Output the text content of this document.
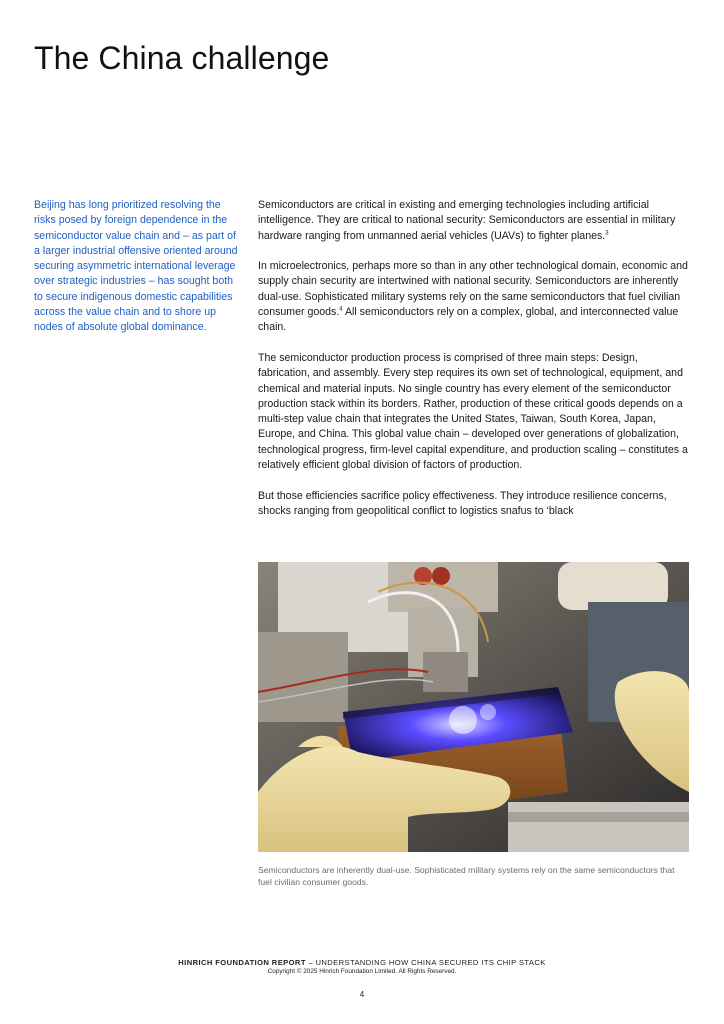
The China challenge
Beijing has long prioritized resolving the risks posed by foreign dependence in the semiconductor value chain and – as part of a larger industrial offensive oriented around securing asymmetric international leverage over strategic industries – has sought both to secure indigenous domestic capabilities across the value chain and to shore up nodes of absolute global dominance.

Semiconductors are critical in existing and emerging technologies including artificial intelligence. They are critical to national security: Semiconductors are essential in military hardware ranging from unmanned aerial vehicles (UAVs) to fighter planes.$^3$

In microelectronics, perhaps more so than in any other technological domain, economic and supply chain security are intertwined with national security. Semiconductors are inherently dual-use. Sophisticated military systems rely on the same semiconductors that fuel civilian consumer goods.$^4$ All semiconductors rely on a complex, global, and interconnected value chain.

The semiconductor production process is comprised of three main steps: Design, fabrication, and assembly. Every step requires its own set of technological, equipment, and chemical and material inputs. No single country has every element of the semiconductor production stack within its borders. Rather, production of these critical goods depends on a multi-step value chain that integrates the United States, Taiwan, South Korea, Japan, Europe, and China. This global value chain – developed over generations of globalization, technological progress, firm-level capital expenditure, and production scaling – constitutes a relatively efficient global division of factors of production.

But those efficiencies sacrifice policy effectiveness. They introduce resilience concerns, shocks ranging from geopolitical conflict to logistics snafus to ‘black

Semiconductors are inherently dual-use. Sophisticated military systems rely on the same semiconductors that fuel civilian consumer goods.
HINRICH FOUNDATION REPORT – UNDERSTANDING HOW CHINA SECURED ITS CHIP STACK
Copyright © 2025 Hinrich Foundation Limited. All Rights Reserved.
4
